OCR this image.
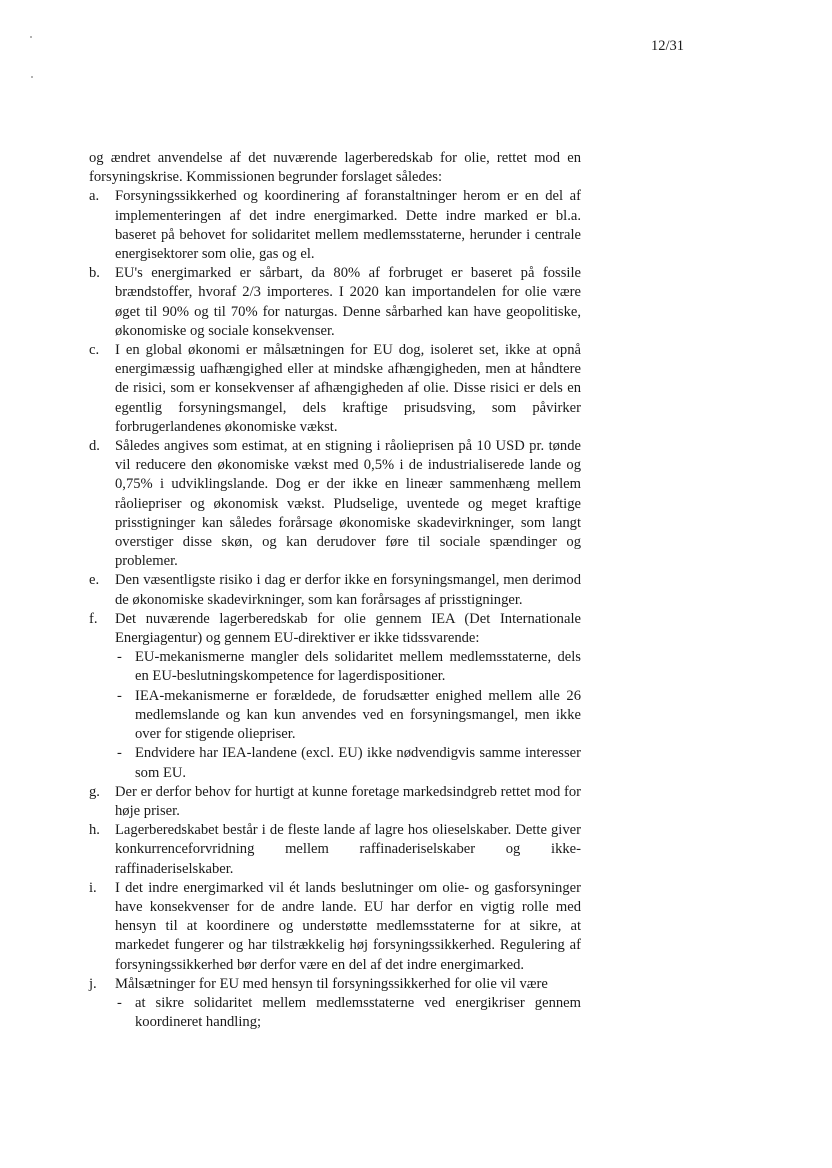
12/31

og ændret anvendelse af det nuværende lagerberedskab for olie, rettet mod en forsyningskrise. Kommissionen begrunder forslaget således:

a. Forsyningssikkerhed og koordinering af foranstaltninger herom er en del af implementeringen af det indre energimarked. Dette indre marked er bl.a. baseret på behovet for solidaritet mellem medlemsstaterne, herunder i centrale energisektorer som olie, gas og el.
b. EU's energimarked er sårbart, da 80% af forbruget er baseret på fossile brændstoffer, hvoraf 2/3 importeres. I 2020 kan importandelen for olie være øget til 90% og til 70% for naturgas. Denne sårbarhed kan have geopolitiske, økonomiske og sociale konsekvenser.
c. I en global økonomi er målsætningen for EU dog, isoleret set, ikke at opnå energimæssig uafhængighed eller at mindske afhængigheden, men at håndtere de risici, som er konsekvenser af afhængigheden af olie. Disse risici er dels en egentlig forsyningsmangel, dels kraftige prisudsving, som påvirker forbrugerlandenes økonomiske vækst.
d. Således angives som estimat, at en stigning i råolieprisen på 10 USD pr. tønde vil reducere den økonomiske vækst med 0,5% i de industrialiserede lande og 0,75% i udviklingslande. Dog er der ikke en lineær sammenhæng mellem råoliepriser og økonomisk vækst. Pludselige, uventede og meget kraftige prisstigninger kan således forårsage økonomiske skadevirkninger, som langt overstiger disse skøn, og kan derudover føre til sociale spændinger og problemer.
e. Den væsentligste risiko i dag er derfor ikke en forsyningsmangel, men derimod de økonomiske skadevirkninger, som kan forårsages af prisstigninger.
f. Det nuværende lagerberedskab for olie gennem IEA (Det Internationale Energiagentur) og gennem EU-direktiver er ikke tidssvarende:
- EU-mekanismerne mangler dels solidaritet mellem medlemsstaterne, dels en EU-beslutningskompetence for lagerdispositioner.
- IEA-mekanismerne er forældede, de forudsætter enighed mellem alle 26 medlemslande og kan kun anvendes ved en forsyningsmangel, men ikke over for stigende oliepriser.
- Endvidere har IEA-landene (excl. EU) ikke nødvendigvis samme interesser som EU.
g. Der er derfor behov for hurtigt at kunne foretage markedsindgreb rettet mod for høje priser.
h. Lagerberedskabet består i de fleste lande af lagre hos olieselskaber. Dette giver konkurrenceforvridning mellem raffinaderiselskaber og ikke-raffinaderiselskaber.
i. I det indre energimarked vil ét lands beslutninger om olie- og gasforsyninger have konsekvenser for de andre lande. EU har derfor en vigtig rolle med hensyn til at koordinere og understøtte medlemsstaterne for at sikre, at markedet fungerer og har tilstrækkelig høj forsyningssikkerhed. Regulering af forsyningssikkerhed bør derfor være en del af det indre energimarked.
j. Målsætninger for EU med hensyn til forsyningssikkerhed for olie vil være
- at sikre solidaritet mellem medlemsstaterne ved energikriser gennem koordineret handling;
